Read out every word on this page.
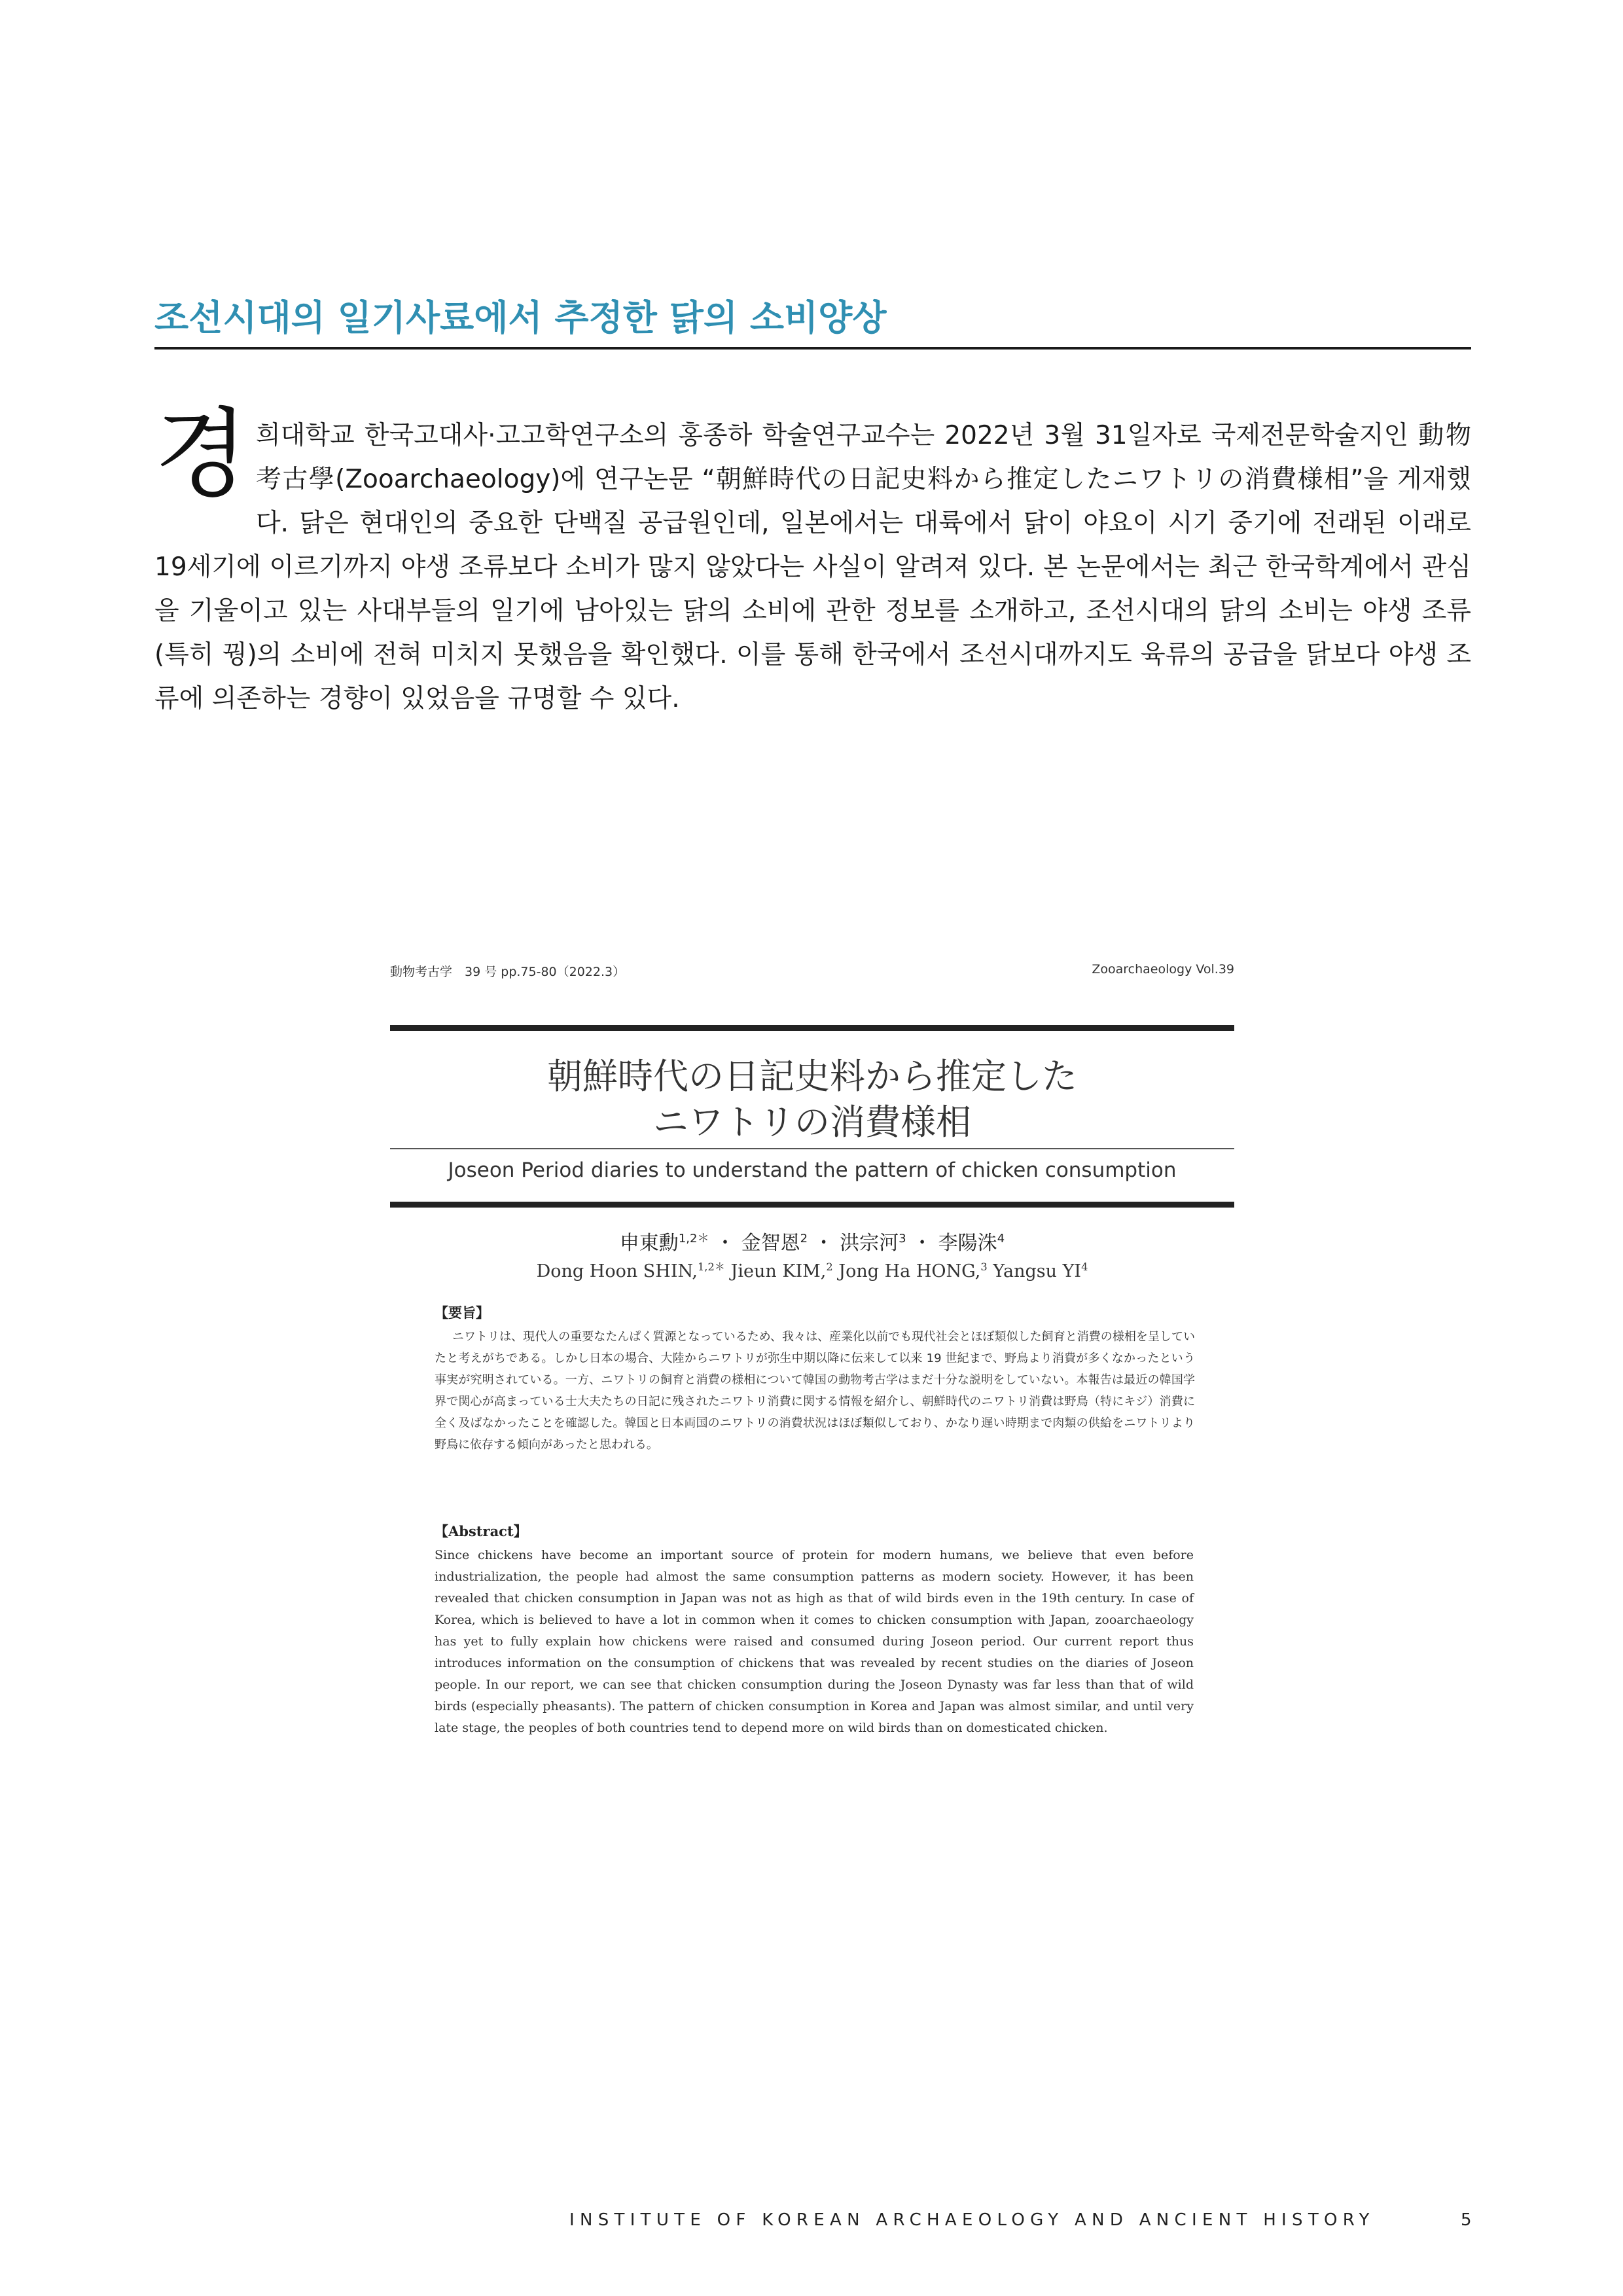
조선시대의 일기사료에서 추정한 닭의 소비양상
경희대학교 한국고대사·고고학연구소의 홍종하 학술연구교수는 2022년 3월 31일자로 국제전문학술지인 動物考古學(Zooarchaeology)에 연구논문 “朝鮮時代の日記史料から推定したニワトリの消費様相”을 게재했다. 닭은 현대인의 중요한 단백질 공급원인데, 일본에서는 대륙에서 닭이 야요이 시기 중기에 전래된 이래로 19세기에 이르기까지 야생 조류보다 소비가 많지 않았다는 사실이 알려져 있다. 본 논문에서는 최근 한국학계에서 관심을 기울이고 있는 사대부들의 일기에 남아있는 닭의 소비에 관한 정보를 소개하고, 조선시대의 닭의 소비는 야생 조류(특히 꿩)의 소비에 전혀 미치지 못했음을 확인했다. 이를 통해 한국에서 조선시대까지도 육류의 공급을 닭보다 야생 조류에 의존하는 경향이 있었음을 규명할 수 있다.
動物考古学　39 号 pp.75-80（2022.3）	Zooarchaeology Vol.39
朝鮮時代の日記史料から推定した
ニワトリの消費様相
Joseon Period diaries to understand the pattern of chicken consumption
申東勳$^{1,2*}$ ・ 金智恩$^2$ ・ 洪宗河$^3$ ・ 李陽洙$^4$
Dong Hoon SHIN,$^{1,2*}$ Jieun KIM,$^2$ Jong Ha HONG,$^3$ Yangsu $YI^4$
【要旨】
ニワトリは、現代人の重要なたんぱく質源となっているため、我々は、産業化以前でも現代社会とほぼ類似した飼育と消費の様相を呈していたと考えがちである。しかし日本の場合、大陸からニワトリが弥生中期以降に伝来して以来 19 世紀まで、野鳥より消費が多くなかったという事実が究明されている。一方、ニワトリの飼育と消費の様相について韓国の動物考古学はまだ十分な説明をしていない。本報告は最近の韓国学界で関心が高まっている士大夫たちの日記に残されたニワトリ消費に関する情報を紹介し、朝鮮時代のニワトリ消費は野鳥（特にキジ）消費に全く及ばなかったことを確認した。韓国と日本両国のニワトリの消費状況はほぼ類似しており、かなり遅い時期まで肉類の供給をニワトリより野鳥に依存する傾向があったと思われる。
【Abstract】
Since chickens have become an important source of protein for modern humans, we believe that even before industrialization, the people had almost the same consumption patterns as modern society. However, it has been revealed that chicken consumption in Japan was not as high as that of wild birds even in the 19th century. In case of Korea, which is believed to have a lot in common when it comes to chicken consumption with Japan, zooarchaeology has yet to fully explain how chickens were raised and consumed during Joseon period. Our current report thus introduces information on the consumption of chickens that was revealed by recent studies on the diaries of Joseon people. In our report, we can see that chicken consumption during the Joseon Dynasty was far less than that of wild birds (especially pheasants). The pattern of chicken consumption in Korea and Japan was almost similar, and until very late stage, the peoples of both countries tend to depend more on wild birds than on domesticated chicken.
INSTITUTE OF KOREAN ARCHAEOLOGY AND ANCIENT HISTORY	5
